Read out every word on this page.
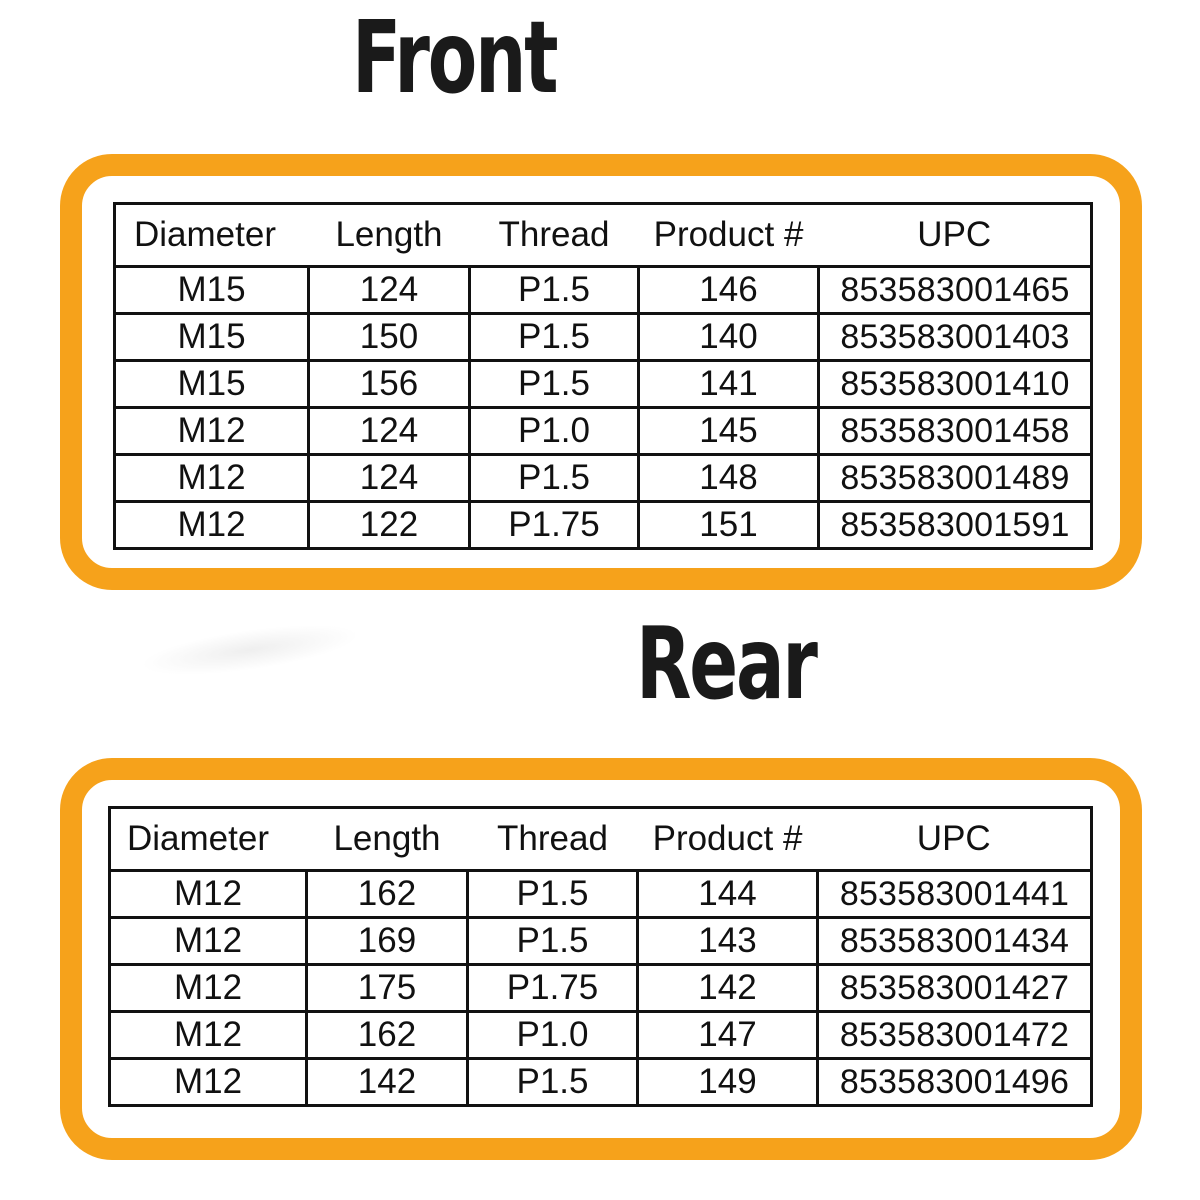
Front
Diameter	Length	Thread	Product #	UPC
M15	124	P1.5	146	853583001465
M15	150	P1.5	140	853583001403
M15	156	P1.5	141	853583001410
M12	124	P1.0	145	853583001458
M12	124	P1.5	148	853583001489
M12	122	P1.75	151	853583001591
Rear
Diameter	Length	Thread	Product #	UPC
M12	162	P1.5	144	853583001441
M12	169	P1.5	143	853583001434
M12	175	P1.75	142	853583001427
M12	162	P1.0	147	853583001472
M12	142	P1.5	149	853583001496
